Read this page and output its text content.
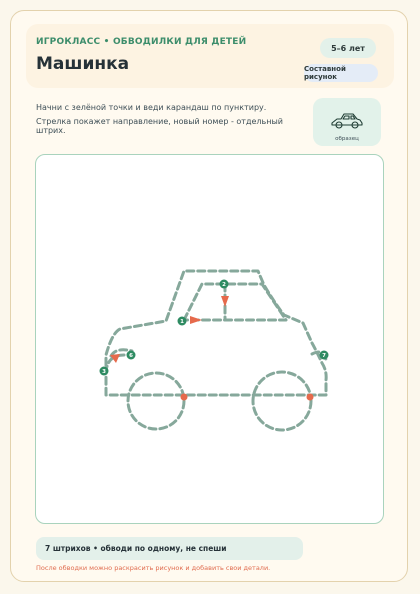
ИГРОКЛАСС • ОБВОДИЛКИ ДЛЯ ДЕТЕЙ
Машинка
5–6 лет
Составной рисунок
Начни с зелёной точки и веди карандаш по пунктиру.
Стрелка покажет направление, новый номер - отдельный штрих.
образец
1
2
3
6	7
7 штрихов • обводи по одному, не спеши
После обводки можно раскрасить рисунок и добавить свои детали.
